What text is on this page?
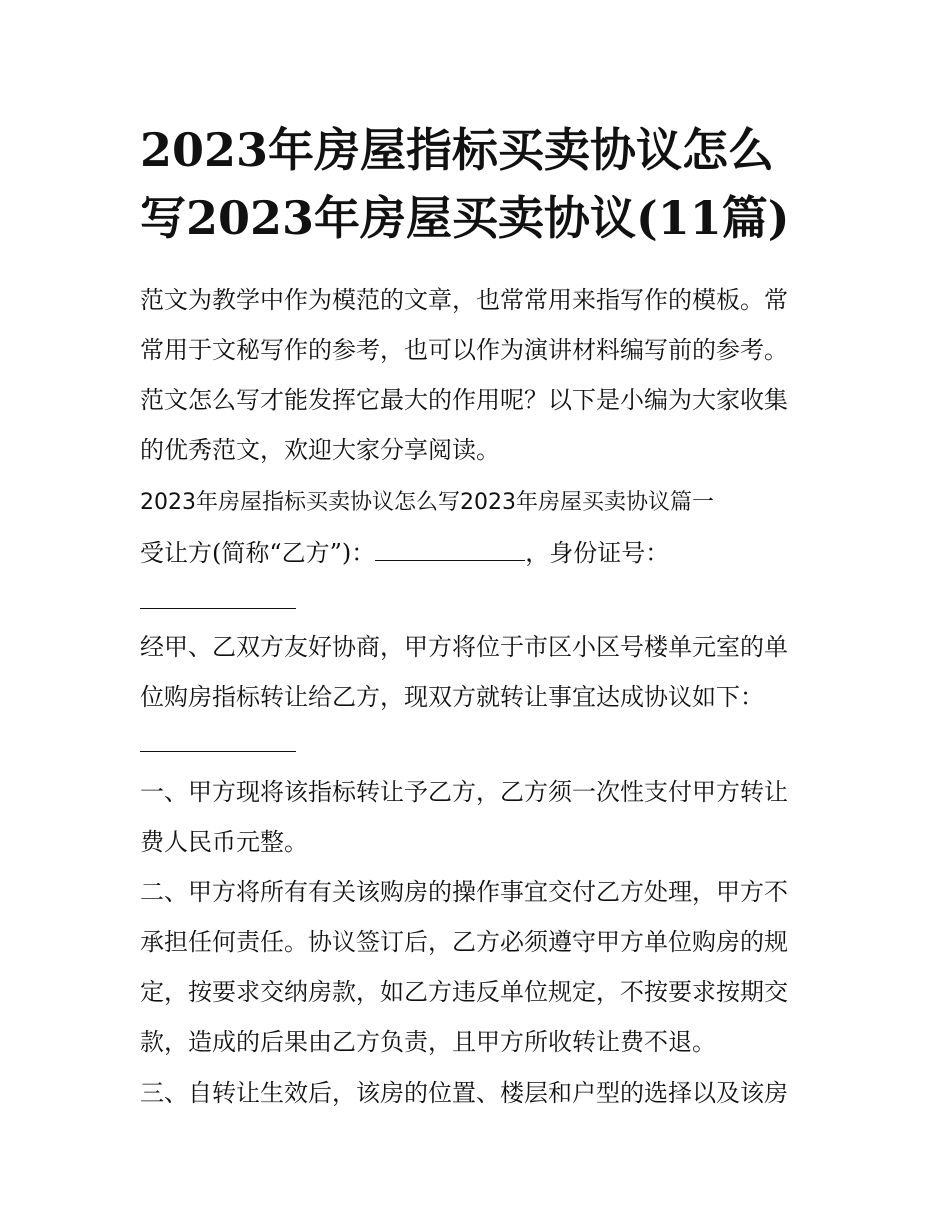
2023年房屋指标买卖协议怎么
写2023年房屋买卖协议(11篇)

范文为教学中作为模范的文章，也常常用来指写作的模板。常
常用于文秘写作的参考，也可以作为演讲材料编写前的参考。
范文怎么写才能发挥它最大的作用呢？以下是小编为大家收集
的优秀范文，欢迎大家分享阅读。

2023年房屋指标买卖协议怎么写2023年房屋买卖协议篇一

受让方(简称“乙方”)：	，身份证号：

经甲、乙双方友好协商，甲方将位于市区小区号楼单元室的单
位购房指标转让给乙方，现双方就转让事宜达成协议如下：

一、甲方现将该指标转让予乙方，乙方须一次性支付甲方转让
费人民币元整。

二、甲方将所有有关该购房的操作事宜交付乙方处理，甲方不
承担任何责任。协议签订后，乙方必须遵守甲方单位购房的规
定，按要求交纳房款，如乙方违反单位规定，不按要求按期交
款，造成的后果由乙方负责，且甲方所收转让费不退。

三、自转让生效后，该房的位置、楼层和户型的选择以及该房
